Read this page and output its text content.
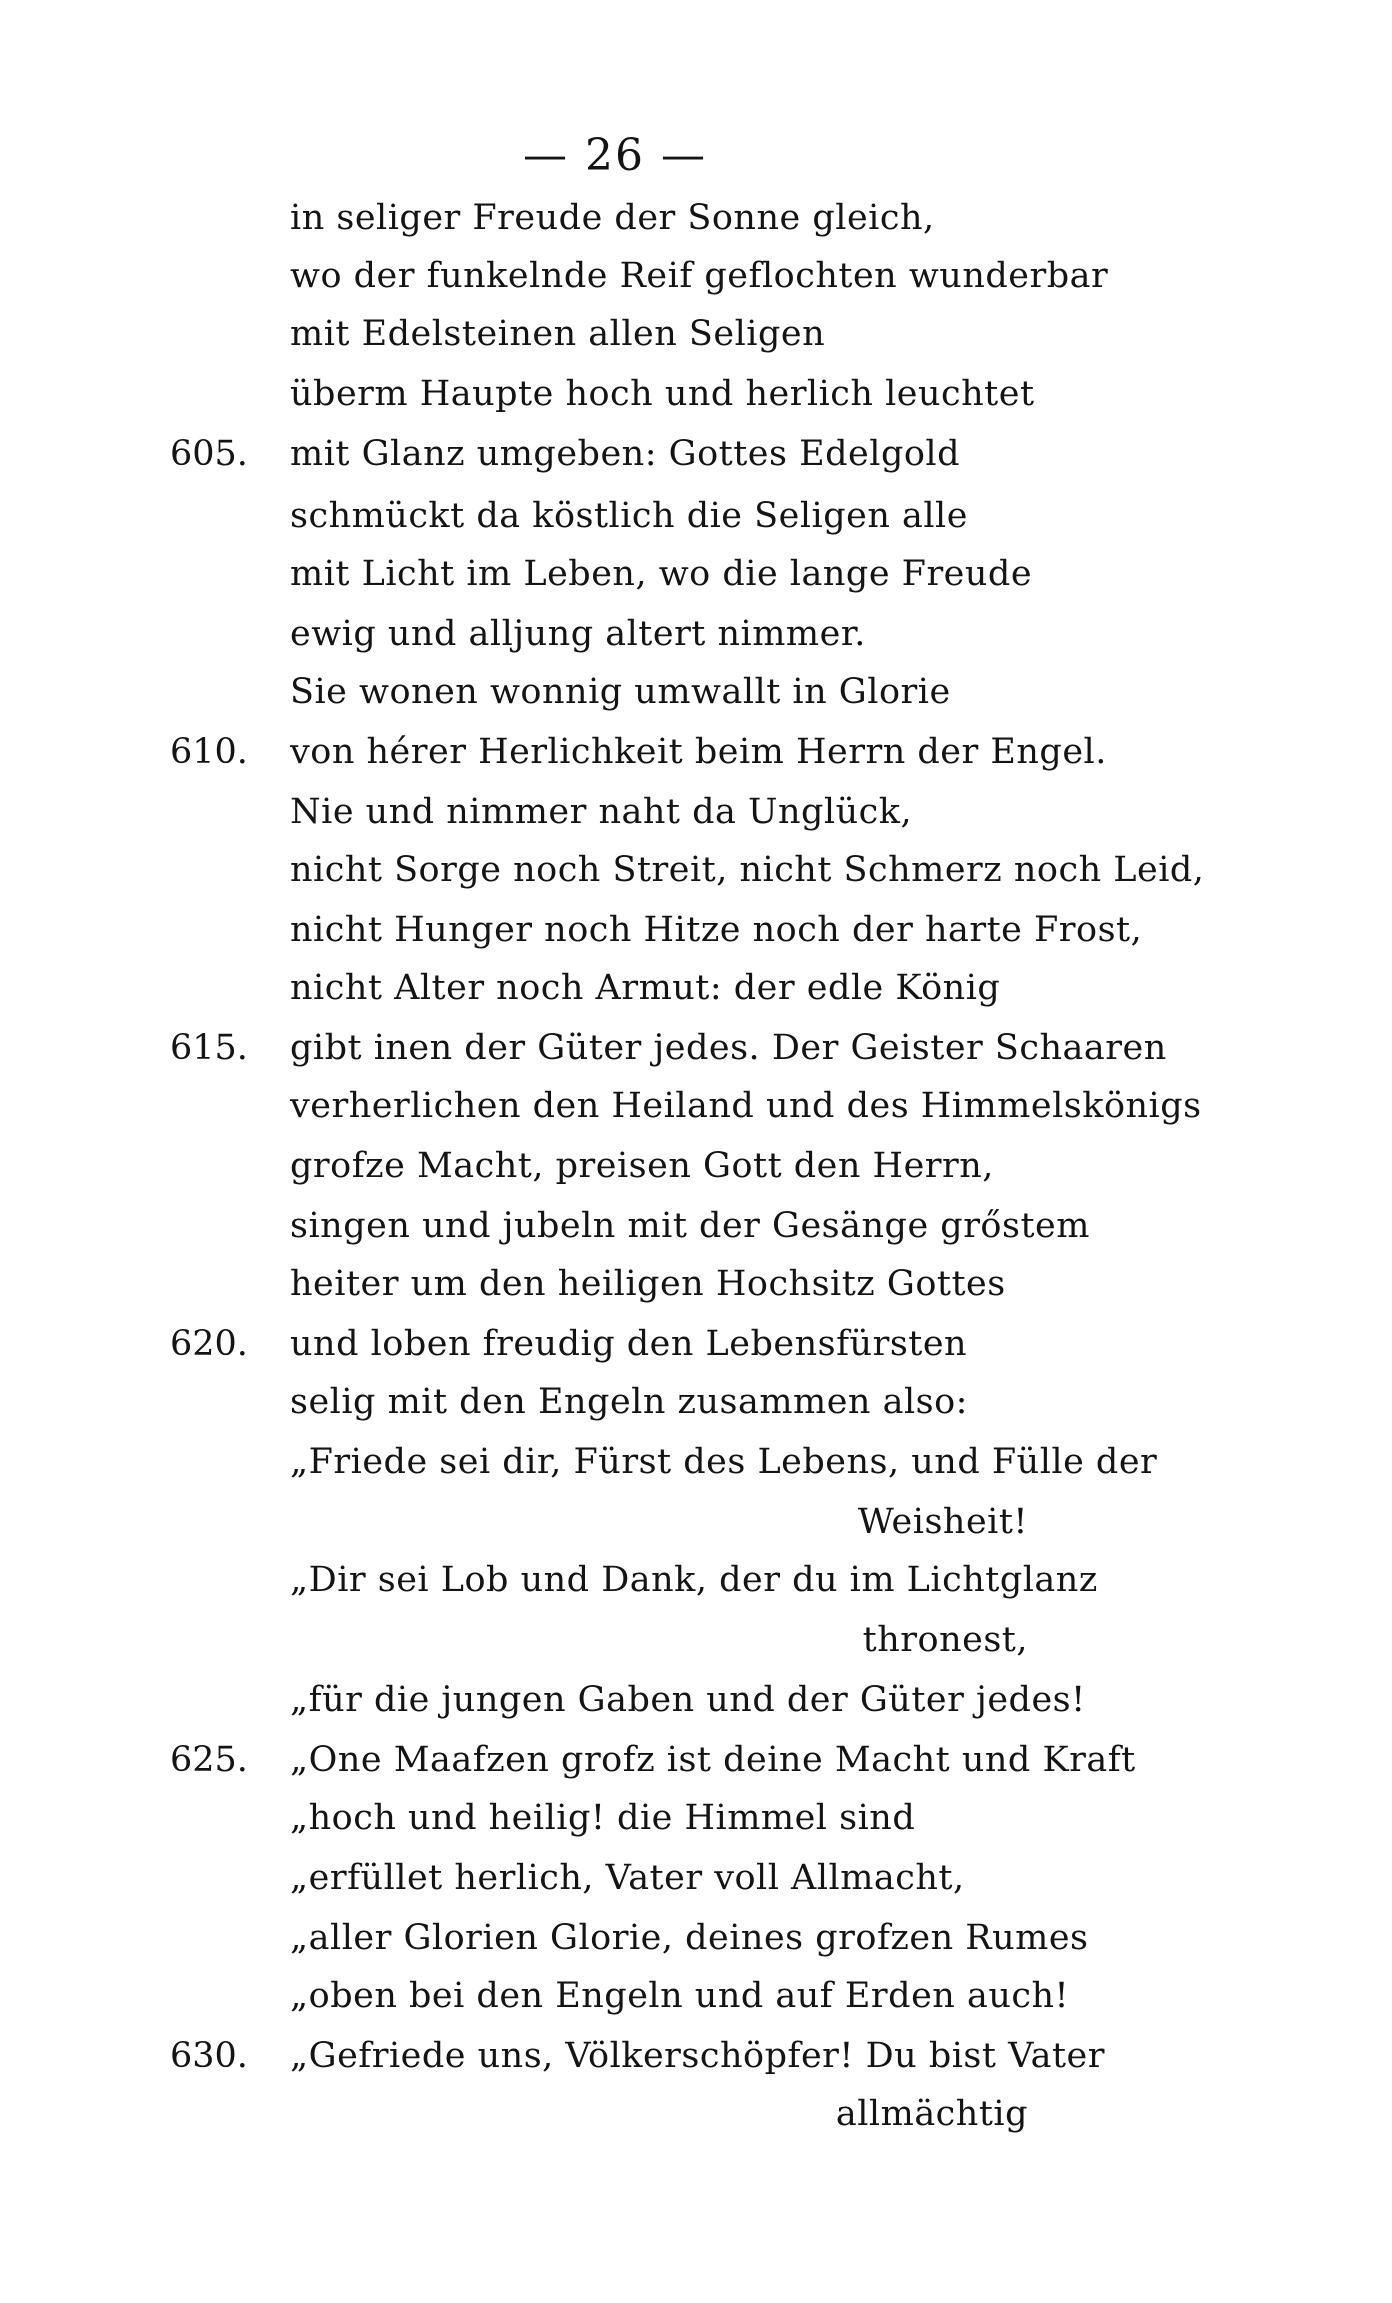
— 26 —
in seliger Freude der Sonne gleich,
wo der funkelnde Reif geflochten wunderbar
mit Edelsteinen allen Seligen
überm Haupte hoch und herlich leuchtet
605.	mit Glanz umgeben: Gottes Edelgold
schmückt da köstlich die Seligen alle
mit Licht im Leben, wo die lange Freude
ewig und alljung altert nimmer.
Sie wonen wonnig umwallt in Glorie
610.	von hérer Herlichkeit beim Herrn der Engel.
Nie und nimmer naht da Unglück,
nicht Sorge noch Streit, nicht Schmerz noch Leid,
nicht Hunger noch Hitze noch der harte Frost,
nicht Alter noch Armut: der edle König
615.	gibt inen der Güter jedes. Der Geister Schaaren
verherlichen den Heiland und des Himmelskönigs
grofze Macht, preisen Gott den Herrn,
singen und jubeln mit der Gesänge grőstem
heiter um den heiligen Hochsitz Gottes
620.	und loben freudig den Lebensfürsten
selig mit den Engeln zusammen also:
„Friede sei dir, Fürst des Lebens, und Fülle der
Weisheit!
„Dir sei Lob und Dank, der du im Lichtglanz
thronest,
„für die jungen Gaben und der Güter jedes!
625.	„One Maafzen grofz ist deine Macht und Kraft
„hoch und heilig! die Himmel sind
„erfüllet herlich, Vater voll Allmacht,
„aller Glorien Glorie, deines grofzen Rumes
„oben bei den Engeln und auf Erden auch!
630.	„Gefriede uns, Völkerschöpfer! Du bist Vater
allmächtig
